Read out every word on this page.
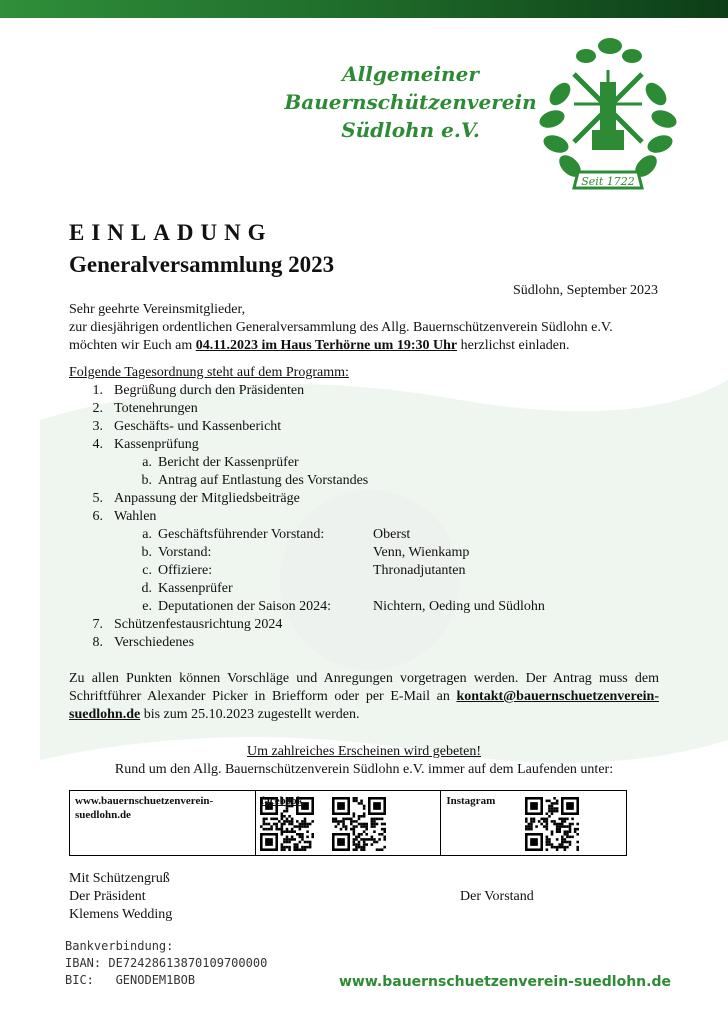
Allgemeiner
Bauernschützenverein
Südlohn e.V.
Seit 1722
EINLADUNG
Generalversammlung 2023
Südlohn, September 2023
Sehr geehrte Vereinsmitglieder,
zur diesjährigen ordentlichen Generalversammlung des Allg. Bauernschützenverein Südlohn e.V. möchten wir Euch am 04.11.2023 im Haus Terhörne um 19:30 Uhr herzlichst einladen.
Folgende Tagesordnung steht auf dem Programm:
1. Begrüßung durch den Präsidenten
2. Totenehrungen
3. Geschäfts- und Kassenbericht
4. Kassenprüfung
a. Bericht der Kassenprüfer
b. Antrag auf Entlastung des Vorstandes
5. Anpassung der Mitgliedsbeiträge
6. Wahlen
a. Geschäftsführender Vorstand:	Oberst
b. Vorstand:	Venn, Wienkamp
c. Offiziere:	Thronadjutanten
d. Kassenprüfer
e. Deputationen der Saison 2024:	Nichtern, Oeding und Südlohn
7. Schützenfestausrichtung 2024
8. Verschiedenes
Zu allen Punkten können Vorschläge und Anregungen vorgetragen werden. Der Antrag muss dem Schriftführer Alexander Picker in Briefform oder per E-Mail an kontakt@bauernschuetzenverein-suedlohn.de bis zum 25.10.2023 zugestellt werden.
Um zahlreiches Erscheinen wird gebeten!
Rund um den Allg. Bauernschützenverein Südlohn e.V. immer auf dem Laufenden unter:
www.bauernschuetzenverein-suedlohn.de
facebook	Instagram
Mit Schützengruß
Der Präsident
Klemens Wedding
Der Vorstand
Bankverbindung:
IBAN: DE72428613870109700000
BIC:   GENODEM1BOB	www.bauernschuetzenverein-suedlohn.de
